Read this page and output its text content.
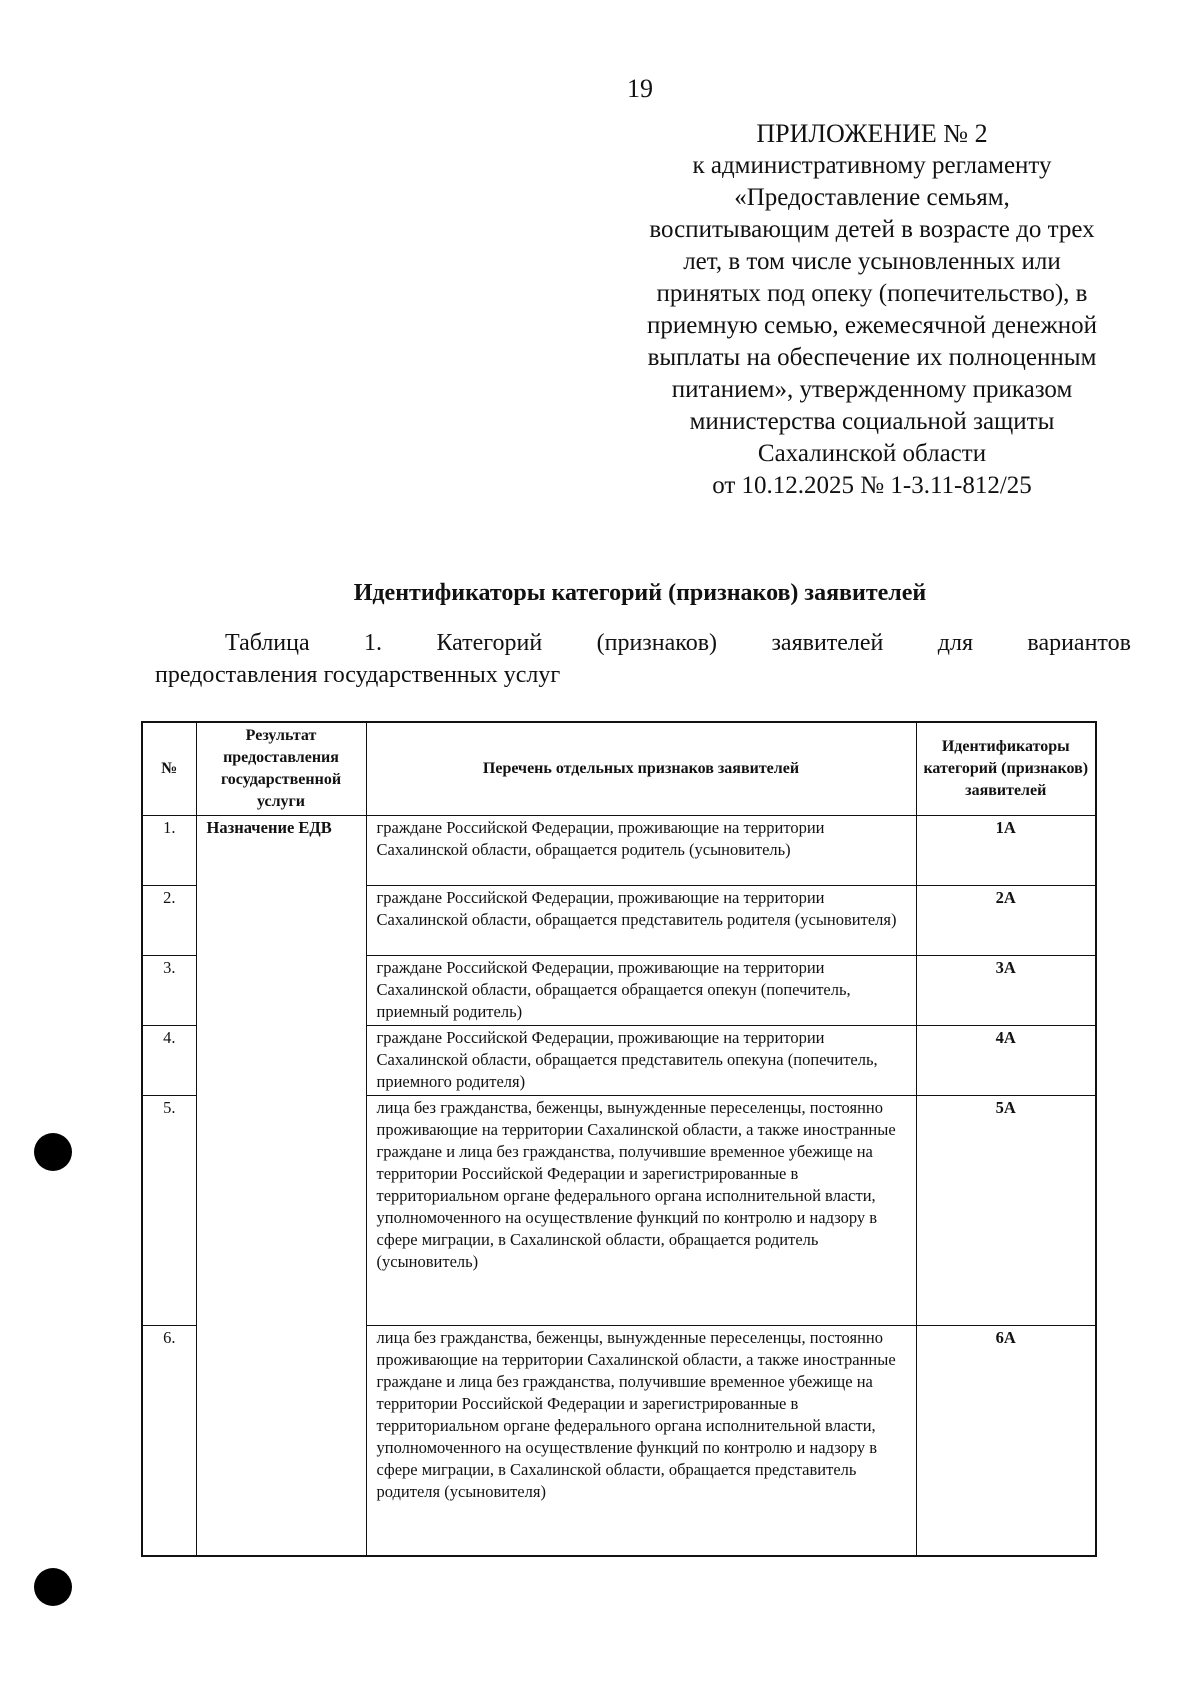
19
ПРИЛОЖЕНИЕ № 2
к административному регламенту
«Предоставление семьям,
воспитывающим детей в возрасте до трех
лет, в том числе усыновленных или
принятых под опеку (попечительство), в
приемную семью, ежемесячной денежной
выплаты на обеспечение их полноценным
питанием», утвержденному приказом
министерства социальной защиты
Сахалинской области
от 10.12.2025 № 1-3.11-812/25
Идентификаторы категорий (признаков) заявителей
Таблица 1. Категорий (признаков) заявителей для вариантов
предоставления государственных услуг
№	Результат предоставления государственной услуги	Перечень отдельных признаков заявителей	Идентификаторы категорий (признаков) заявителей
1.	Назначение ЕДВ	граждане Российской Федерации, проживающие на территории Сахалинской области, обращается родитель (усыновитель)	1А
2.		граждане Российской Федерации, проживающие на территории Сахалинской области, обращается представитель родителя (усыновителя)	2А
3.		граждане Российской Федерации, проживающие на территории Сахалинской области, обращается обращается опекун (попечитель, приемный родитель)	3А
4.		граждане Российской Федерации, проживающие на территории Сахалинской области, обращается представитель опекуна (попечитель, приемного родителя)	4А
5.		лица без гражданства, беженцы, вынужденные переселенцы, постоянно проживающие на территории Сахалинской области, а также иностранные граждане и лица без гражданства, получившие временное убежище на территории Российской Федерации и зарегистрированные в территориальном органе федерального органа исполнительной власти, уполномоченного на осуществление функций по контролю и надзору в сфере миграции, в Сахалинской области, обращается родитель (усыновитель)	5А
6.		лица без гражданства, беженцы, вынужденные переселенцы, постоянно проживающие на территории Сахалинской области, а также иностранные граждане и лица без гражданства, получившие временное убежище на территории Российской Федерации и зарегистрированные в территориальном органе федерального органа исполнительной власти, уполномоченного на осуществление функций по контролю и надзору в сфере миграции, в Сахалинской области, обращается представитель родителя (усыновителя)	6А
